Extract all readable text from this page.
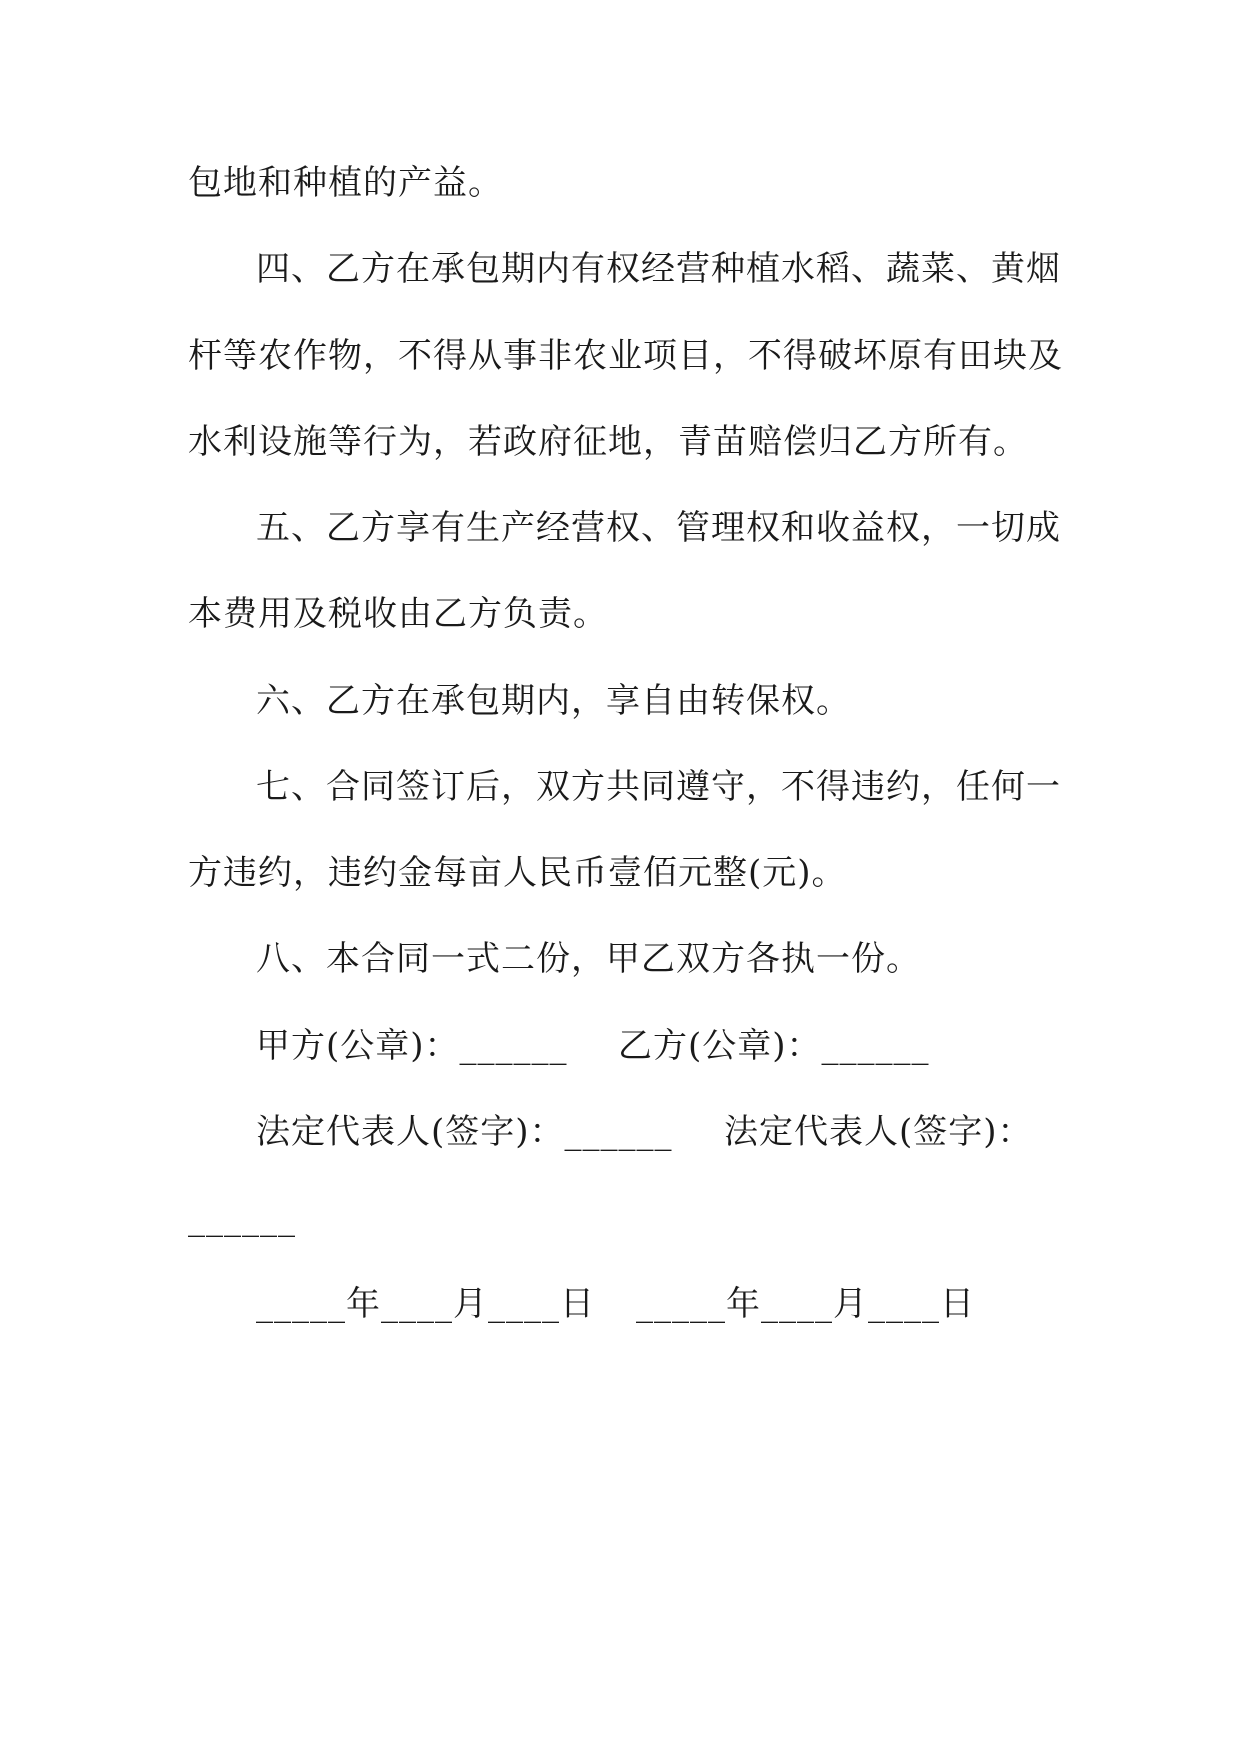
包地和种植的产益。
四、乙方在承包期内有权经营种植水稻、蔬菜、黄烟
杆等农作物，不得从事非农业项目，不得破坏原有田块及
水利设施等行为，若政府征地，青苗赔偿归乙方所有。
五、乙方享有生产经营权、管理权和收益权，一切成
本费用及税收由乙方负责。
六、乙方在承包期内，享自由转保权。
七、合同签订后，双方共同遵守，不得违约，任何一
方违约，违约金每亩人民币壹佰元整(元)。
八、本合同一式二份，甲乙双方各执一份。
甲方(公章)：______ 乙方(公章)：______
法定代表人(签字)：______ 法定代表人(签字)：
______
_____年____月____日 _____年____月____日
